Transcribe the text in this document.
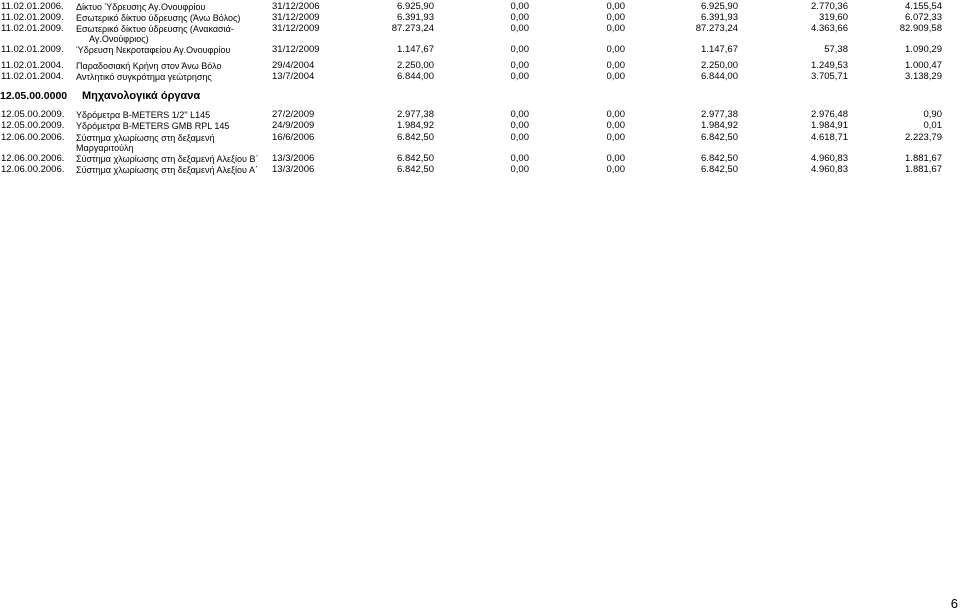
11.02.01.2006. Δίκτυο Ύδρευσης Αγ.Ονουφρίου	31/12/2006	6.925,90	0,00	0,00	6.925,90	2.770,36	4.155,54
11.02.01.2009. Εσωτερικό δίκτυο ύδρευσης (Άνω Βόλος)	31/12/2009	6.391,93	0,00	0,00	6.391,93	319,60	6.072,33
11.02.01.2009. Εσωτερικό δίκτυο ύδρευσης (Ανακασιά-	31/12/2009	87.273,24	0,00	0,00	87.273,24	4.363,66	82.909,58
Αγ.Ονούφριος)
11.02.01.2009. Ύδρευση Νεκροταφείου Αγ.Ονουφρίου	31/12/2009	1.147,67	0,00	0,00	1.147,67	57,38	1.090,29
11.02.01.2004. Παραδοσιακή Κρήνη στον Άνω Βόλο	29/4/2004	2.250,00	0,00	0,00	2.250,00	1.249,53	1.000,47
11.02.01.2004. Αντλητικό συγκρότημα γεώτρησης	13/7/2004	6.844,00	0,00	0,00	6.844,00	3.705,71	3.138,29
12.05.00.0000 Μηχανολογικά όργανα
12.05.00.2009. Υδρόμετρα B-METERS 1/2'' L145	27/2/2009	2.977,38	0,00	0,00	2.977,38	2.976,48	0,90
12.05.00.2009. Υδρόμετρα B-METERS GMB RPL 145	24/9/2009	1.984,92	0,00	0,00	1.984,92	1.984,91	0,01
12.06.00.2006. Σύστημα χλωρίωσης στη δεξαμενή	16/6/2006	6.842,50	0,00	0,00	6.842,50	4.618,71	2.223,79
Μαργαριτούλη
12.06.00.2006. Σύστημα χλωρίωσης στη δεξαμενή Αλεξίου Β΄ 13/3/2006	6.842,50	0,00	0,00	6.842,50	4.960,83	1.881,67
12.06.00.2006. Σύστημα χλωρίωσης στη δεξαμενή Αλεξίου Α΄ 13/3/2006	6.842,50	0,00	0,00	6.842,50	4.960,83	1.881,67
6
